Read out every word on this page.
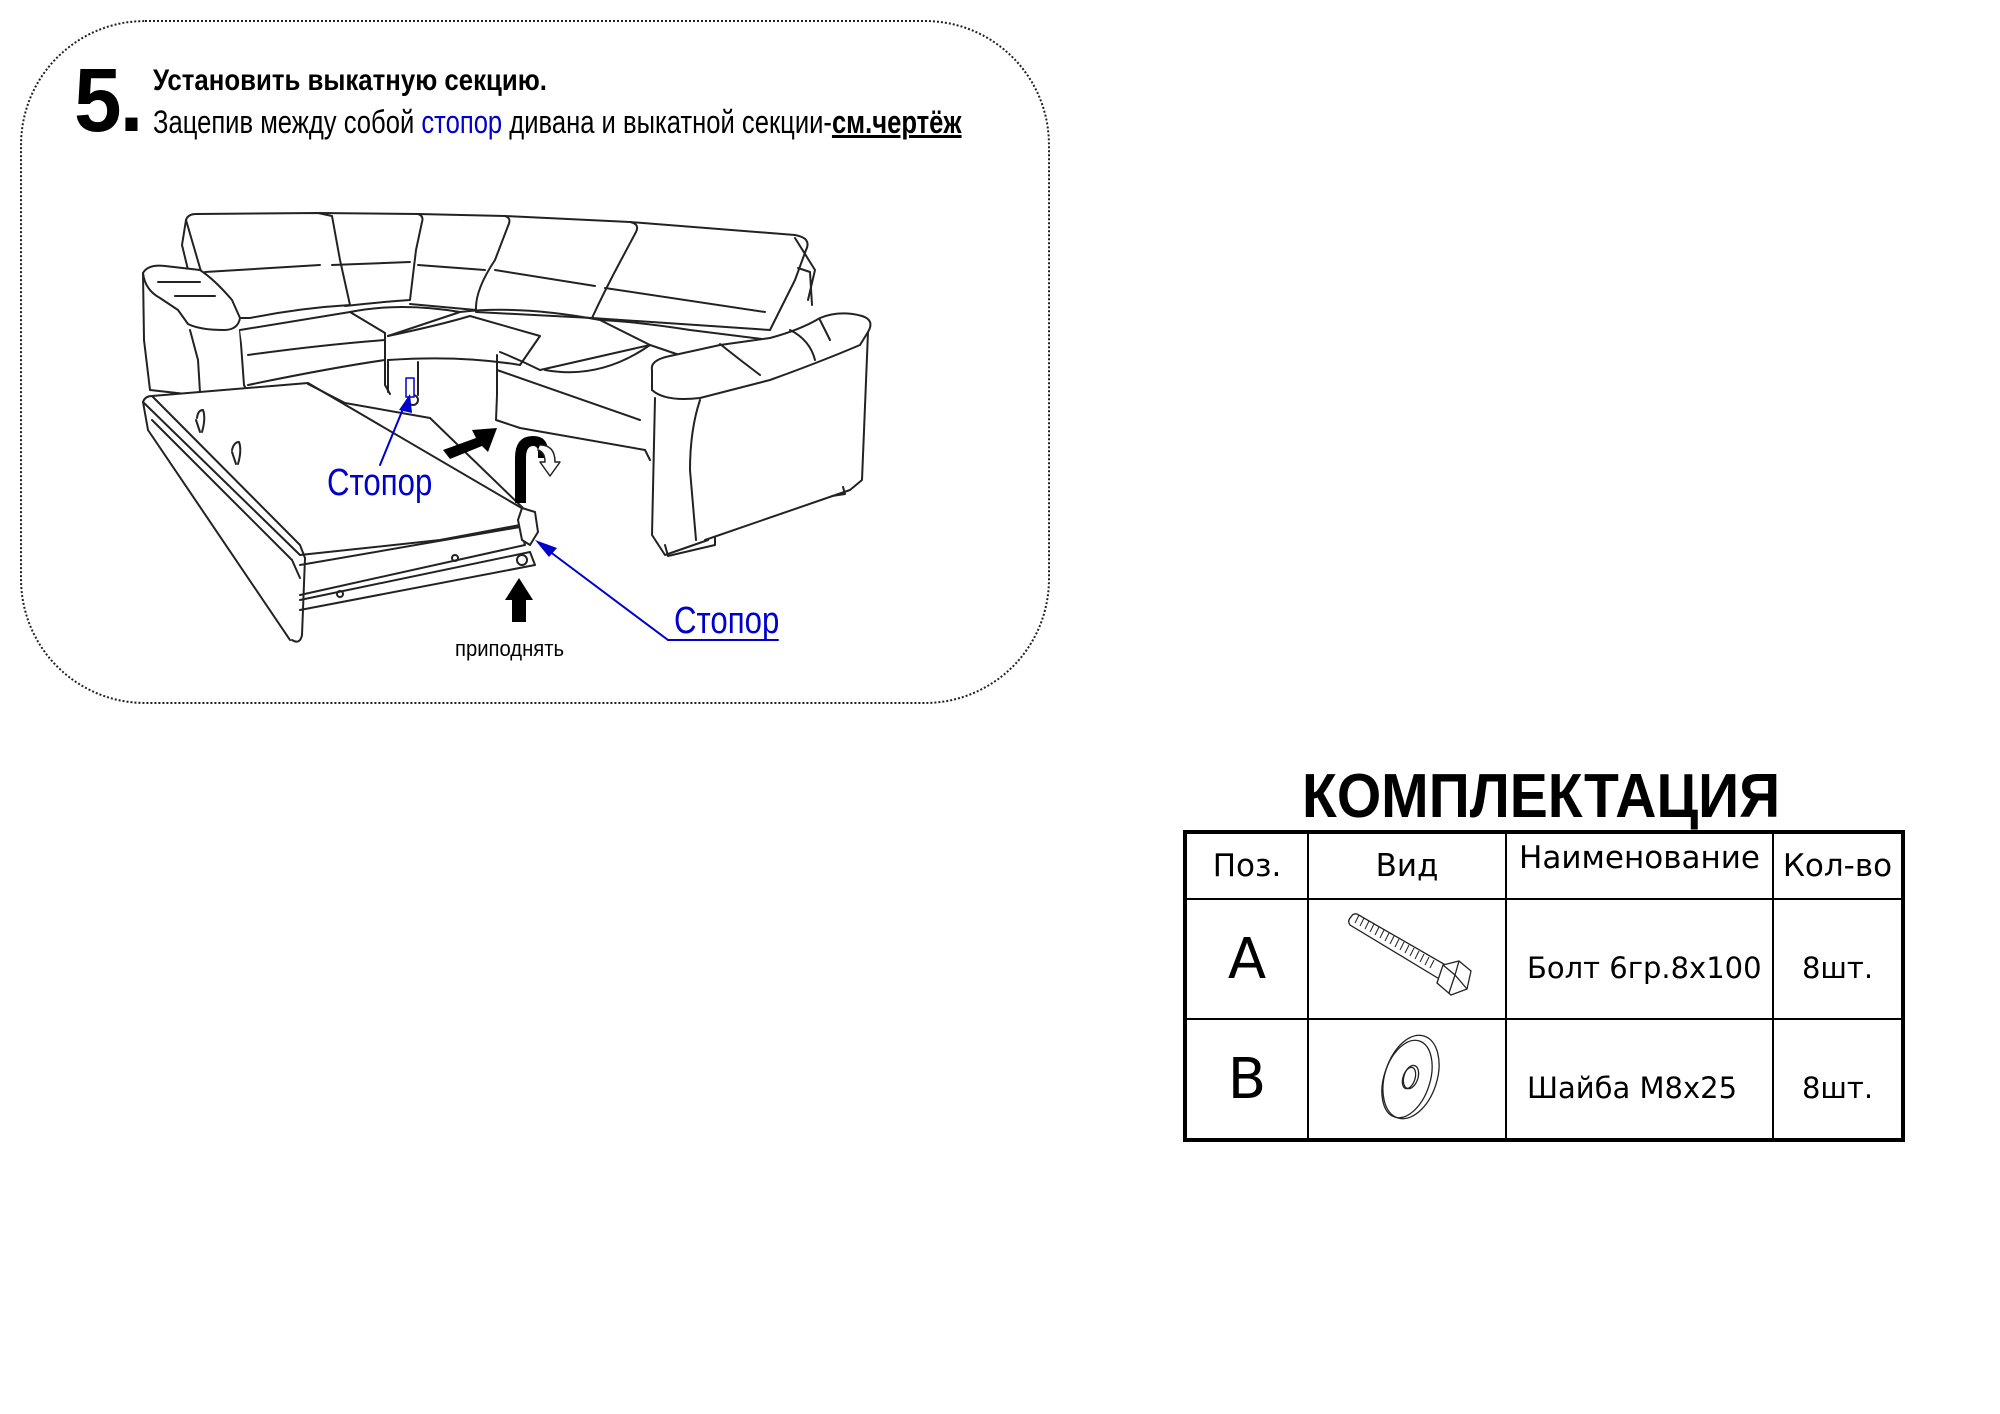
5. Установить выкатную секцию.
Зацепив между собой стопор дивана и выкатной секции-см.чертёж
Стопор
Стопор
приподнять
КОМПЛЕКТАЦИЯ
Поз.	Вид	Наименование	Кол-во
A		Болт 6гр.8х100	8шт.
B		Шайба М8х25	8шт.
